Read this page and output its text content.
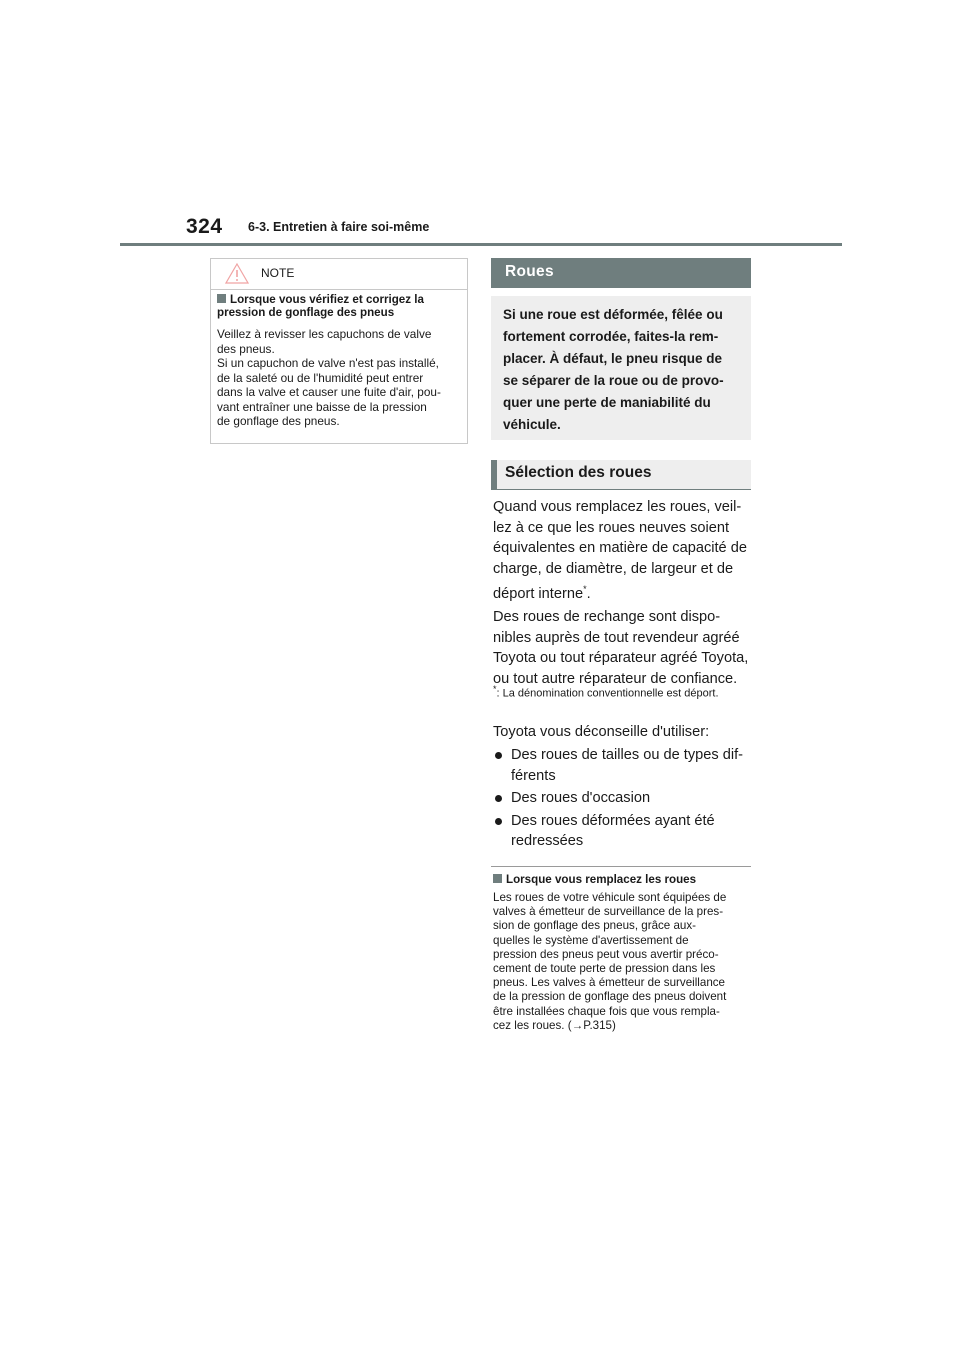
324 6-3. Entretien à faire soi-même
NOTE
Lorsque vous vérifiez et corrigez la pression de gonflage des pneus
Veillez à revisser les capuchons de valve
des pneus.
Si un capuchon de valve n'est pas installé,
de la saleté ou de l'humidité peut entrer
dans la valve et causer une fuite d'air, pou-
vant entraîner une baisse de la pression
de gonflage des pneus.
Roues
Si une roue est déformée, fêlée ou
fortement corrodée, faites-la rem-
placer. À défaut, le pneu risque de
se séparer de la roue ou de provo-
quer une perte de maniabilité du
véhicule.
Sélection des roues
Quand vous remplacez les roues, veil-lez à ce que les roues neuves soient équivalentes en matière de capacité de charge, de diamètre, de largeur et de déport interne*.
Des roues de rechange sont dispo-nibles auprès de tout revendeur agréé Toyota ou tout réparateur agréé Toyota, ou tout autre réparateur de confiance.
*: La dénomination conventionnelle est déport.
Toyota vous déconseille d'utiliser:
Des roues de tailles ou de types dif-férents
Des roues d'occasion
Des roues déformées ayant été redressées
Lorsque vous remplacez les roues
Les roues de votre véhicule sont équipées de
valves à émetteur de surveillance de la pres-
sion de gonflage des pneus, grâce aux-
quelles le système d'avertissement de
pression des pneus peut vous avertir préco-
cement de toute perte de pression dans les
pneus. Les valves à émetteur de surveillance
de la pression de gonflage des pneus doivent
être installées chaque fois que vous rempla-
cez les roues. (→P.315)
